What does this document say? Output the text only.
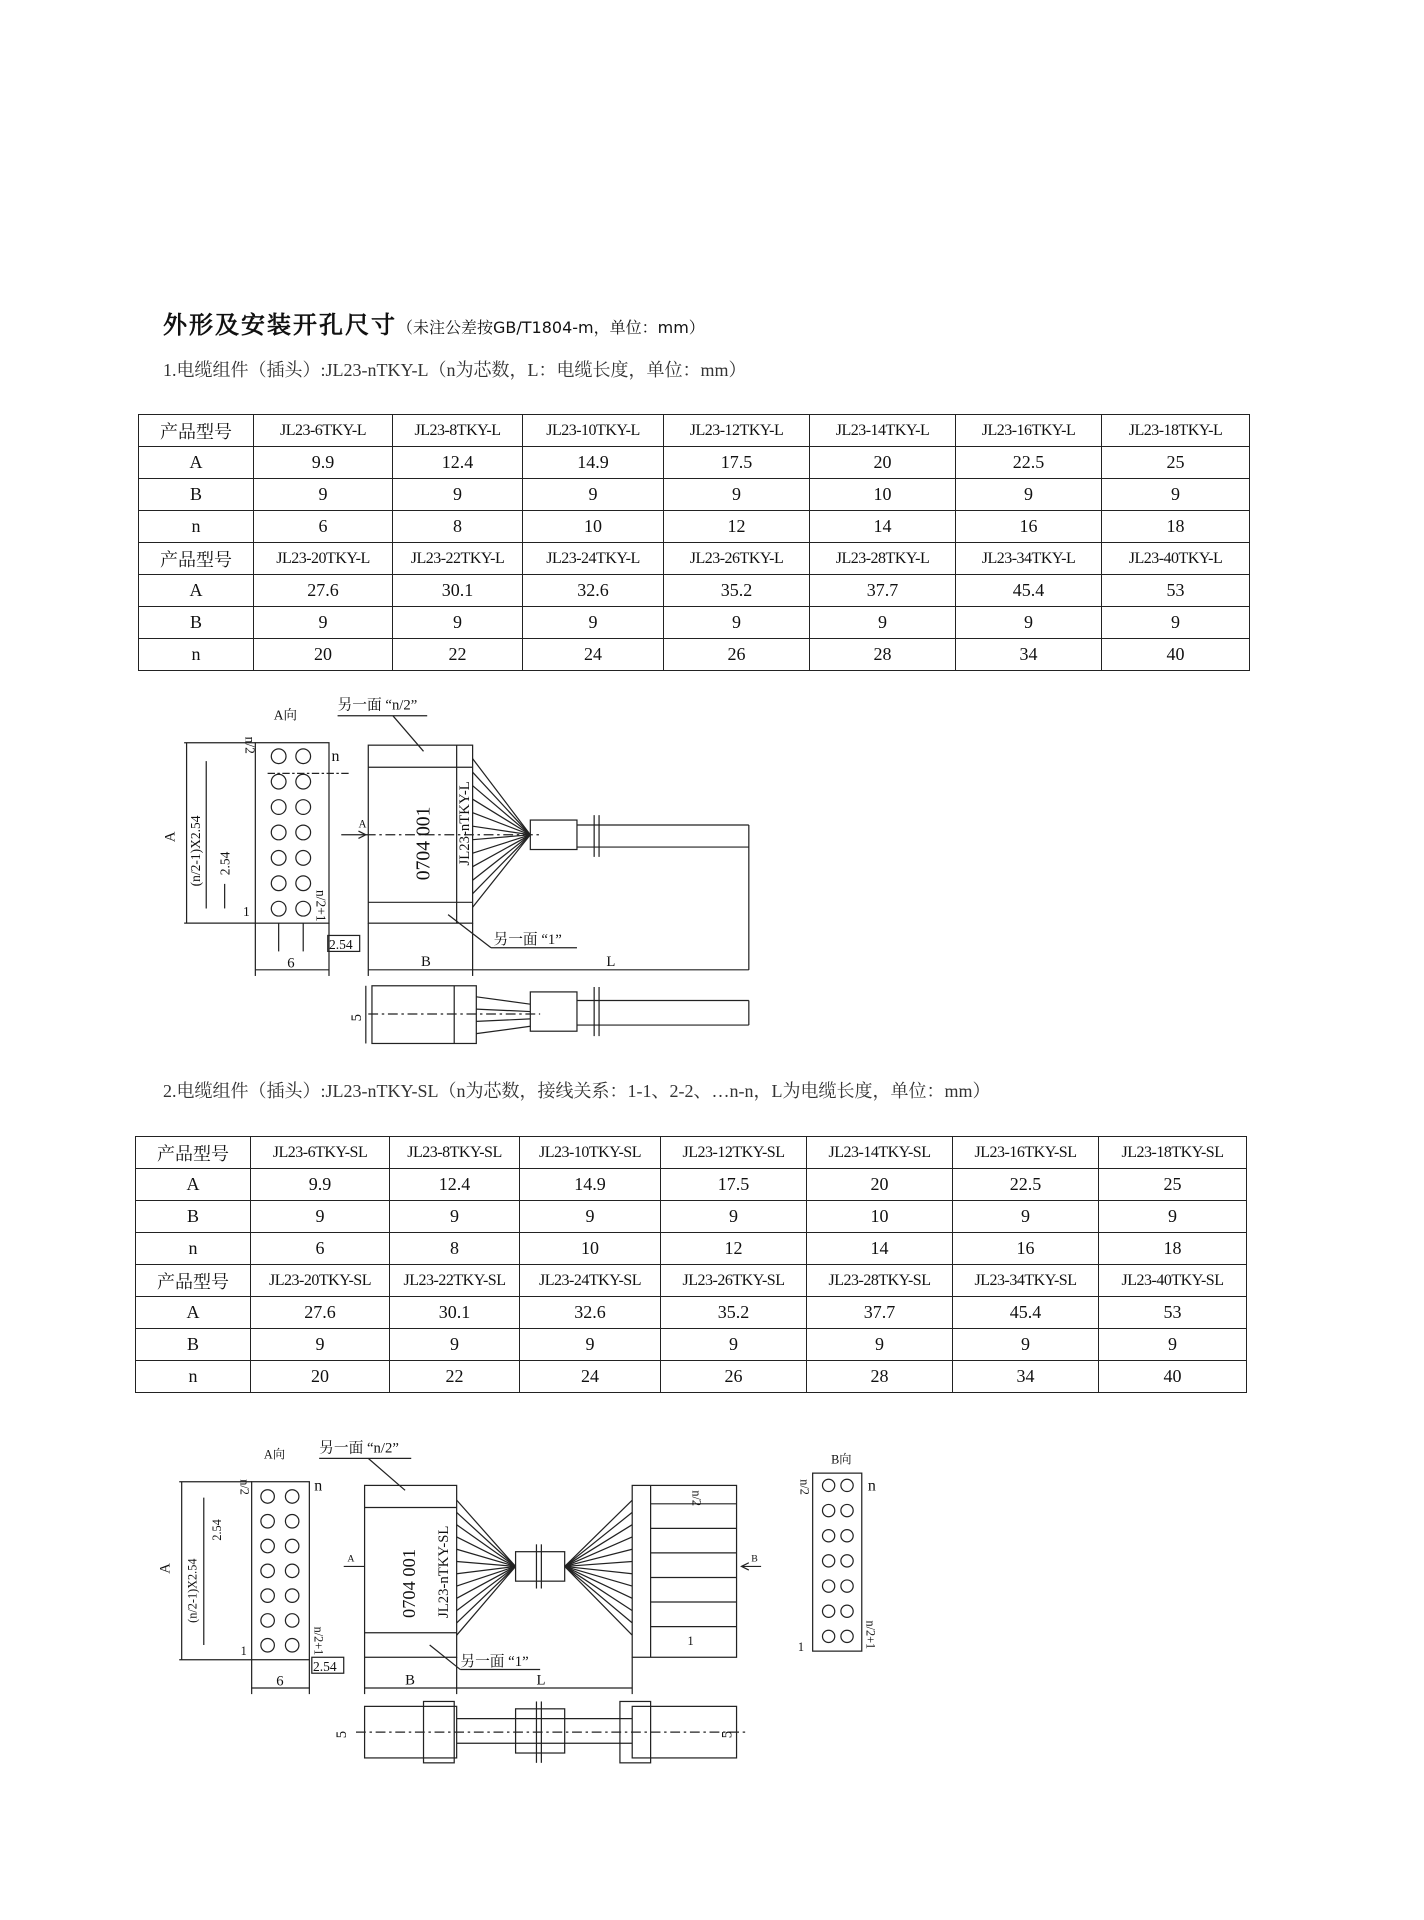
外形及安装开孔尺寸（未注公差按GB/T1804-m，单位：mm）
1.电缆组件（插头）:JL23-nTKY-L（n为芯数，L：电缆长度，单位：mm）
产品型号	JL23-6TKY-L	JL23-8TKY-L	JL23-10TKY-L	JL23-12TKY-L	JL23-14TKY-L	JL23-16TKY-L	JL23-18TKY-L
A	9.9	12.4	14.9	17.5	20	22.5	25
B	9	9	9	9	10	9	9
n	6	8	10	12	14	16	18
产品型号	JL23-20TKY-L	JL23-22TKY-L	JL23-24TKY-L	JL23-26TKY-L	JL23-28TKY-L	JL23-34TKY-L	JL23-40TKY-L
A	27.6	30.1	32.6	35.2	37.7	45.4	53
B	9	9	9	9	9	9	9
n	20	22	24	26	28	34	40
2.电缆组件（插头）:JL23-nTKY-SL（n为芯数，接线关系：1-1、2-2、…n-n，L为电缆长度，单位：mm）
产品型号	JL23-6TKY-SL	JL23-8TKY-SL	JL23-10TKY-SL	JL23-12TKY-SL	JL23-14TKY-SL	JL23-16TKY-SL	JL23-18TKY-SL
A	9.9	12.4	14.9	17.5	20	22.5	25
B	9	9	9	9	10	9	9
n	6	8	10	12	14	16	18
产品型号	JL23-20TKY-SL	JL23-22TKY-SL	JL23-24TKY-SL	JL23-26TKY-SL	JL23-28TKY-SL	JL23-34TKY-SL	JL23-40TKY-SL
A	27.6	30.1	32.6	35.2	37.7	45.4	53
B	9	9	9	9	9	9	9
n	20	22	24	26	28	34	40
A向
n/2
n
1	n/2+1
2.54
6
A (n/2-1)X2.54 2.54
另一面 “n/2”
另一面 “1”
0704 001 JL23-nTKY-L
A
B	L
5
A向	B向
n/2	n
1	n/2+1
2.54
6
A (n/2-1)X2.54
2.54
另一面 “n/2”
另一面 “1”
0704 001 JL23-nTKY-SL
A	B
B	L
5	5
n/2
1
n/2	n
1	n/2+1
